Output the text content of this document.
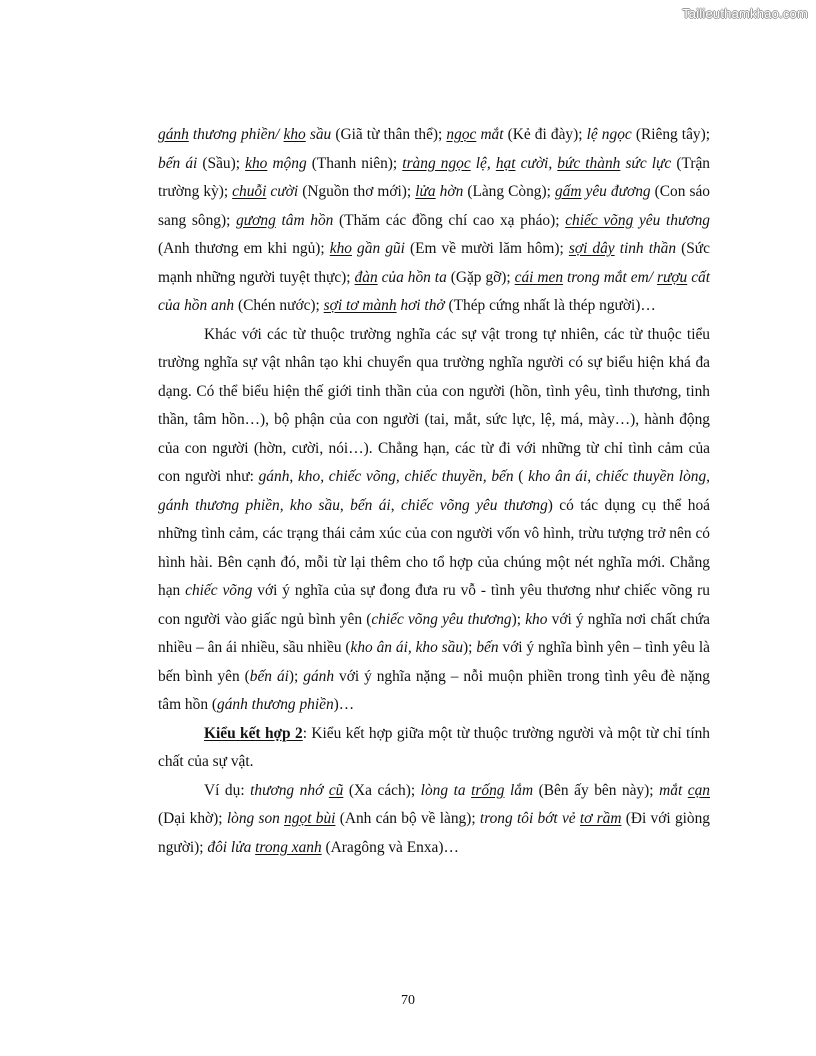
Tailieuthamkhao.com

gánh thương phiền/ kho sầu (Giã từ thân thể); ngọc mắt (Kẻ đi đày); lệ ngọc (Riêng tây); bến ái (Sầu); kho mộng (Thanh niên); tràng ngọc lệ, hạt cười, bức thành sức lực (Trận trường kỳ); chuỗi cười (Nguồn thơ mới); lửa hờn (Làng Còng); gấm yêu đương (Con sáo sang sông); gương tâm hồn (Thăm các đồng chí cao xạ pháo); chiếc võng yêu thương (Anh thương em khi ngủ); kho gần gũi (Em về mười lăm hôm); sợi dây tinh thần (Sức mạnh những người tuyệt thực); đàn của hồn ta (Gặp gỡ); cái men trong mắt em/ rượu cất của hồn anh (Chén nước); sợi tơ mành hơi thở (Thép cứng nhất là thép người)…

Khác với các từ thuộc trường nghĩa các sự vật trong tự nhiên, các từ thuộc tiểu trường nghĩa sự vật nhân tạo khi chuyển qua trường nghĩa người có sự biểu hiện khá đa dạng. Có thể biểu hiện thế giới tinh thần của con người (hồn, tình yêu, tình thương, tinh thần, tâm hồn…), bộ phận của con người (tai, mắt, sức lực, lệ, má, mày…), hành động của con người (hờn, cười, nói…). Chẳng hạn, các từ đi với những từ chỉ tình cảm của con người như: gánh, kho, chiếc võng, chiếc thuyền, bến ( kho ân ái, chiếc thuyền lòng, gánh thương phiền, kho sầu, bến ái, chiếc võng yêu thương) có tác dụng cụ thể hoá những tình cảm, các trạng thái cảm xúc của con người vốn vô hình, trừu tượng trở nên có hình hài. Bên cạnh đó, mỗi từ lại thêm cho tổ hợp của chúng một nét nghĩa mới. Chẳng hạn chiếc võng với ý nghĩa của sự đong đưa ru vỗ - tình yêu thương như chiếc võng ru con người vào giấc ngủ bình yên (chiếc võng yêu thương); kho với ý nghĩa nơi chất chứa nhiều – ân ái nhiều, sầu nhiều (kho ân ái, kho sầu); bến với ý nghĩa bình yên – tình yêu là bến bình yên (bến ái); gánh với ý nghĩa nặng – nỗi muộn phiền trong tình yêu đè nặng tâm hồn (gánh thương phiền)…

Kiểu kết hợp 2: Kiểu kết hợp giữa một từ thuộc trường người và một từ chỉ tính chất của sự vật.

Ví dụ: thương nhớ cũ (Xa cách); lòng ta trống lắm (Bên ấy bên này); mắt cạn (Dại khờ); lòng son ngọt bùi (Anh cán bộ về làng); trong tôi bớt vẻ tơ rầm (Đi với giòng người); đôi lửa trong xanh (Aragông và Enxa)…

70
